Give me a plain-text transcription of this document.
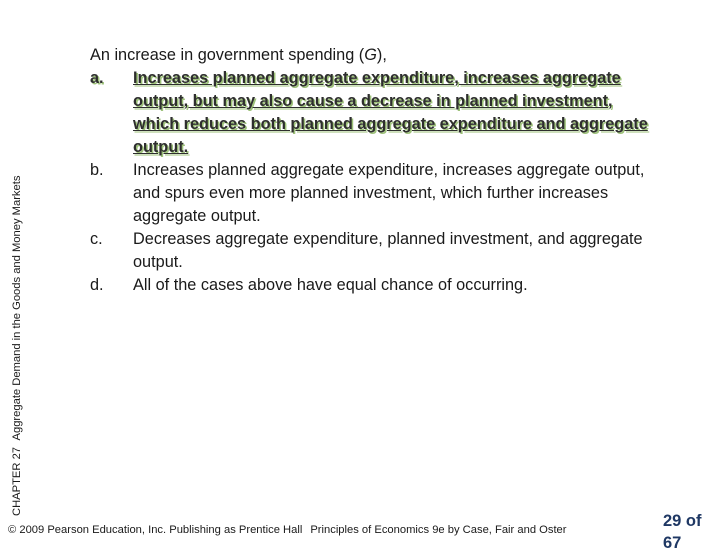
CHAPTER 27 Aggregate Demand in the Goods and Money Markets

An increase in government spending (G),

a. Increases planned aggregate expenditure, increases aggregate output, but may also cause a decrease in planned investment, which reduces both planned aggregate expenditure and aggregate output.
b. Increases planned aggregate expenditure, increases aggregate output, and spurs even more planned investment, which further increases aggregate output.
c. Decreases aggregate expenditure, planned investment, and aggregate output.
d. All of the cases above have equal chance of occurring.
© 2009 Pearson Education, Inc. Publishing as Prentice Hall Principles of Economics 9e by Case, Fair and Oster	29 of 67
